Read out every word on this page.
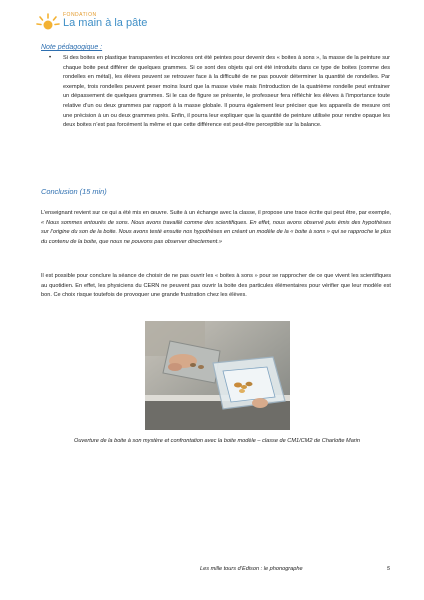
FONDATION
La main à la pâte
Note pédagogique :
• Si des boites en plastique transparentes et incolores ont été peintes pour devenir des « boites à sons », la masse de la peinture sur chaque boite peut différer de quelques grammes. Si ce sont des objets qui ont été introduits dans ce type de boites (comme des rondelles en métal), les élèves peuvent se retrouver face à la difficulté de ne pas pouvoir déterminer la quantité de rondelles. Par exemple, trois rondelles peuvent peser moins lourd que la masse visée mais l’introduction de la quatrième rondelle peut entrainer un dépassement de quelques grammes. Si le cas de figure se présente, le professeur fera réfléchir les élèves à l’importance toute relative d’un ou deux grammes par rapport à la masse globale. Il pourra également leur préciser que les appareils de mesure ont une précision à un ou deux grammes près. Enfin, il pourra leur expliquer que la quantité de peinture utilisée pour rendre opaque les deux boites n’est pas forcément la même et que cette différence est peut-être perceptible sur la balance.
Conclusion (15 min)
L’enseignant revient sur ce qui a été mis en œuvre. Suite à un échange avec la classe, il propose une trace écrite qui peut être, par exemple, « Nous sommes entourés de sons. Nous avons travaillé comme des scientifiques. En effet, nous avons observé puis émis des hypothèses sur l’origine du son de la boite. Nous avons testé ensuite nos hypothèses en créant un modèle de la « boite à sons » qui se rapproche le plus du contenu de la boite, que nous ne pouvons pas observer directement.»
Il est possible pour conclure la séance de choisir de ne pas ouvrir les « boites à sons » pour se rapprocher de ce que vivent les scientifiques au quotidien. En effet, les physiciens du CERN ne peuvent pas ouvrir la boite des particules élémentaires pour vérifier que leur modèle est bon. Ce choix risque toutefois de provoquer une grande frustration chez les élèves.
Ouverture de la boite à son mystère et confrontation avec la boite modèle – classe de CM1/CM2 de Charlotte Marin
Les mille tours d’Edison : le phonographe	5
